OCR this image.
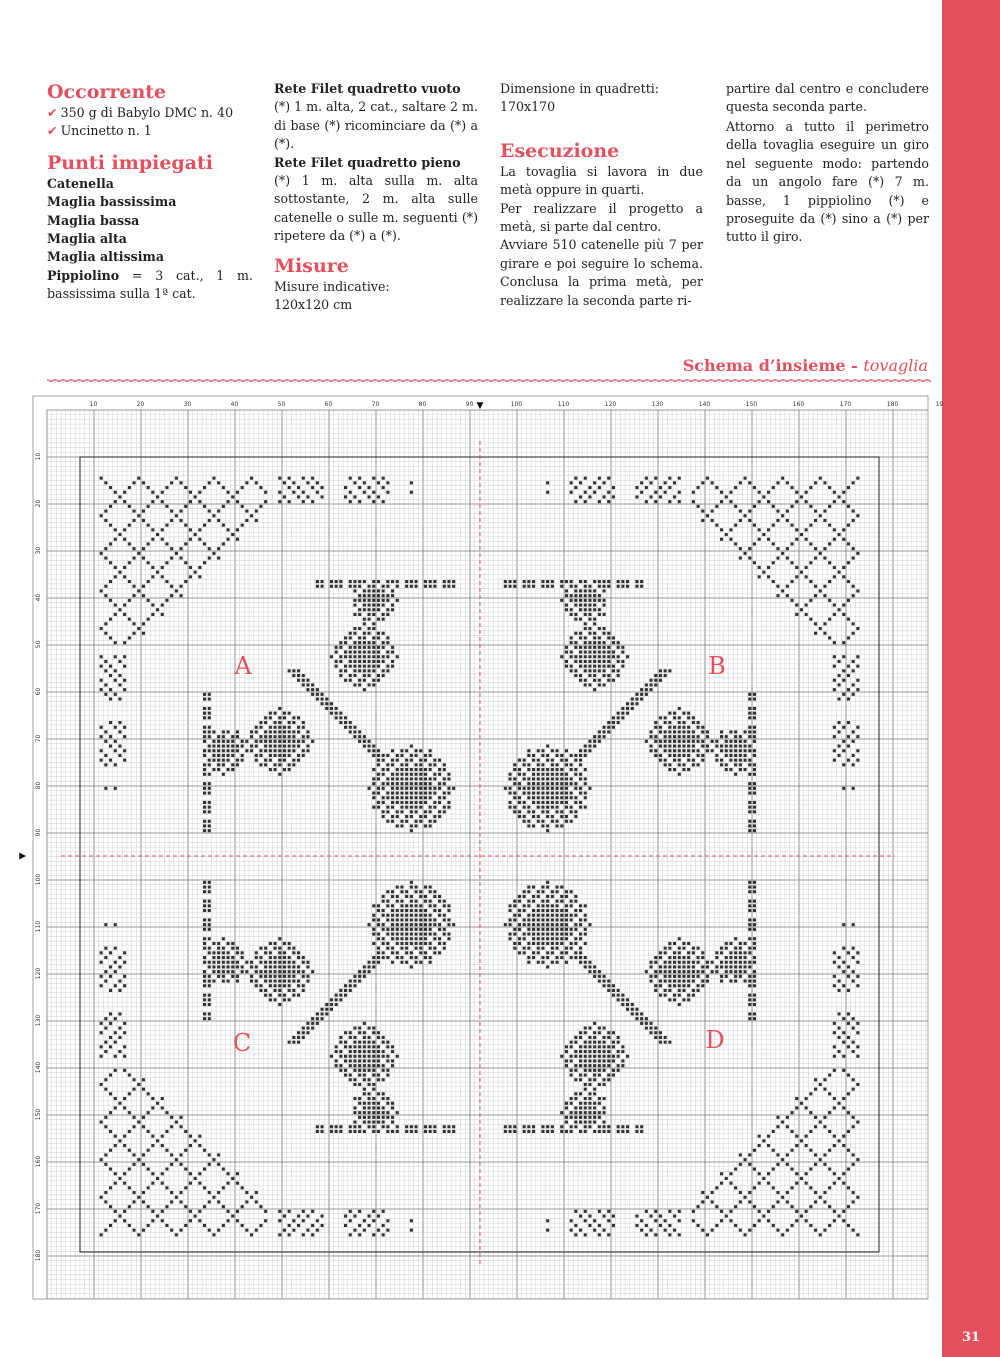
31
Occorrente

✔ 350 g di Babylo DMC n. 40

✔ Uncinetto n. 1

Punti impiegati

Catenella

Maglia bassissima

Maglia bassa

Maglia alta

Maglia altissima

Pippiolino = 3 cat., 1 m. bassissima sulla 1ª cat.

Rete Filet quadretto vuoto

(*) 1 m. alta, 2 cat., saltare 2 m. di base (*) ricominciare da (*) a (*).

Rete Filet quadretto pieno

(*) 1 m. alta sulla m. alta sottostante, 2 m. alta sulle catenelle o sulle m. seguenti (*) ripetere da (*) a (*).

Misure

Misure indicative:

120x120 cm

Dimensione in quadretti:

170x170

Esecuzione

La tovaglia si lavora in due metà oppure in quarti.

Per realizzare il progetto a metà, si parte dal centro.

Avviare 510 catenelle più 7 per girare e poi seguire lo schema. Conclusa la prima metà, per realizzare la seconda parte ri-

partire dal centro e concludere questa seconda parte.

Attorno a tutto il perimetro della tovaglia eseguire un giro nel seguente modo: partendo da un angolo fare (*) 7 m. basse, 1 pippiolino (*) e proseguite da (*) sino a (*) per tutto il giro.

Schema d’insieme - tovaglia
10	20	30	40	50	60	70	80	90	100	110	120	130	140	150	160	170	180	19
10
20
30
40
50
60
70
80
90
100
110
120
130
140
150
160
170
180
▼
▼
A	B
C	D
